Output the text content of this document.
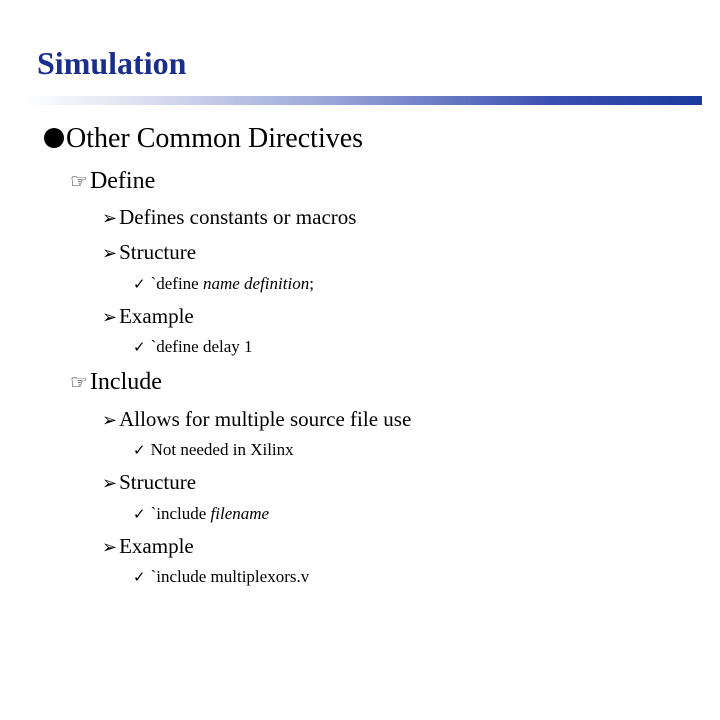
Simulation
Other Common Directives
☞Define
➢Defines constants or macros
➢Structure
✓ `define name definition;
➢Example
✓ `define delay 1
☞Include
➢Allows for multiple source file use
✓ Not needed in Xilinx
➢Structure
✓ `include filename
➢Example
✓ `include multiplexors.v
